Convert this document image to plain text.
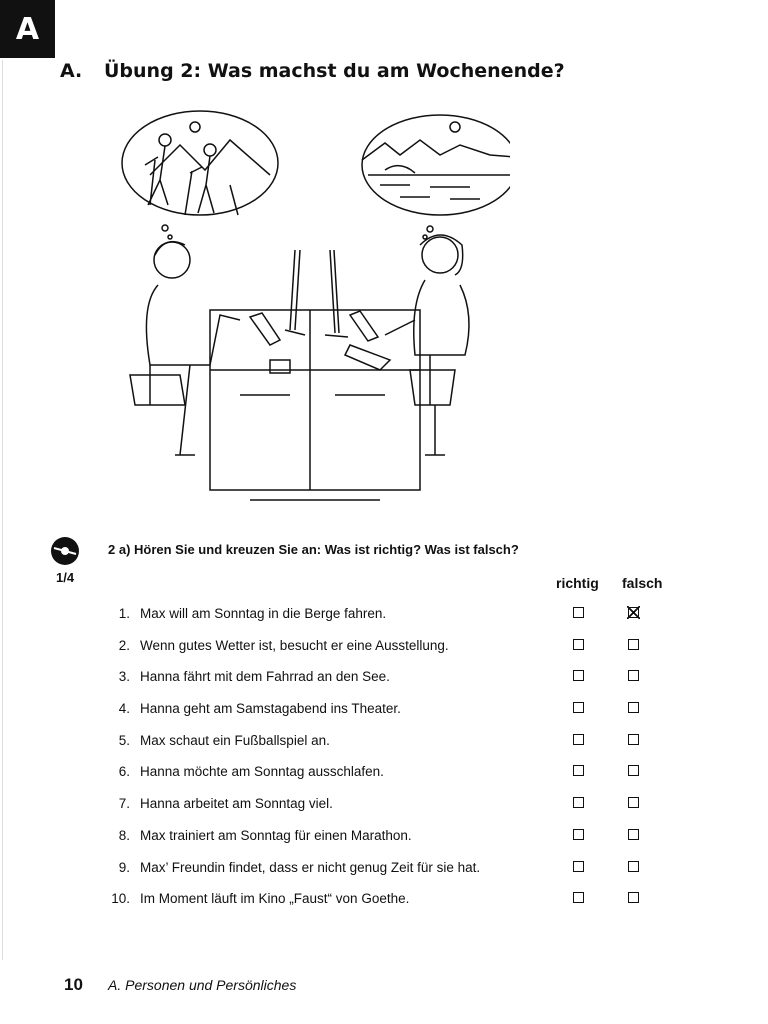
A
A. Übung 2: Was machst du am Wochenende?
1/4
2 a) Hören Sie und kreuzen Sie an: Was ist richtig? Was ist falsch?
richtig falsch
1. Max will am Sonntag in die Berge fahren.
2. Wenn gutes Wetter ist, besucht er eine Ausstellung.
3. Hanna fährt mit dem Fahrrad an den See.
4. Hanna geht am Samstagabend ins Theater.
5. Max schaut ein Fußballspiel an.
6. Hanna möchte am Sonntag ausschlafen.
7. Hanna arbeitet am Sonntag viel.
8. Max trainiert am Sonntag für einen Marathon.
9. Max’ Freundin findet, dass er nicht genug Zeit für sie hat.
10. Im Moment läuft im Kino „Faust“ von Goethe.
10 A. Personen und Persönliches
